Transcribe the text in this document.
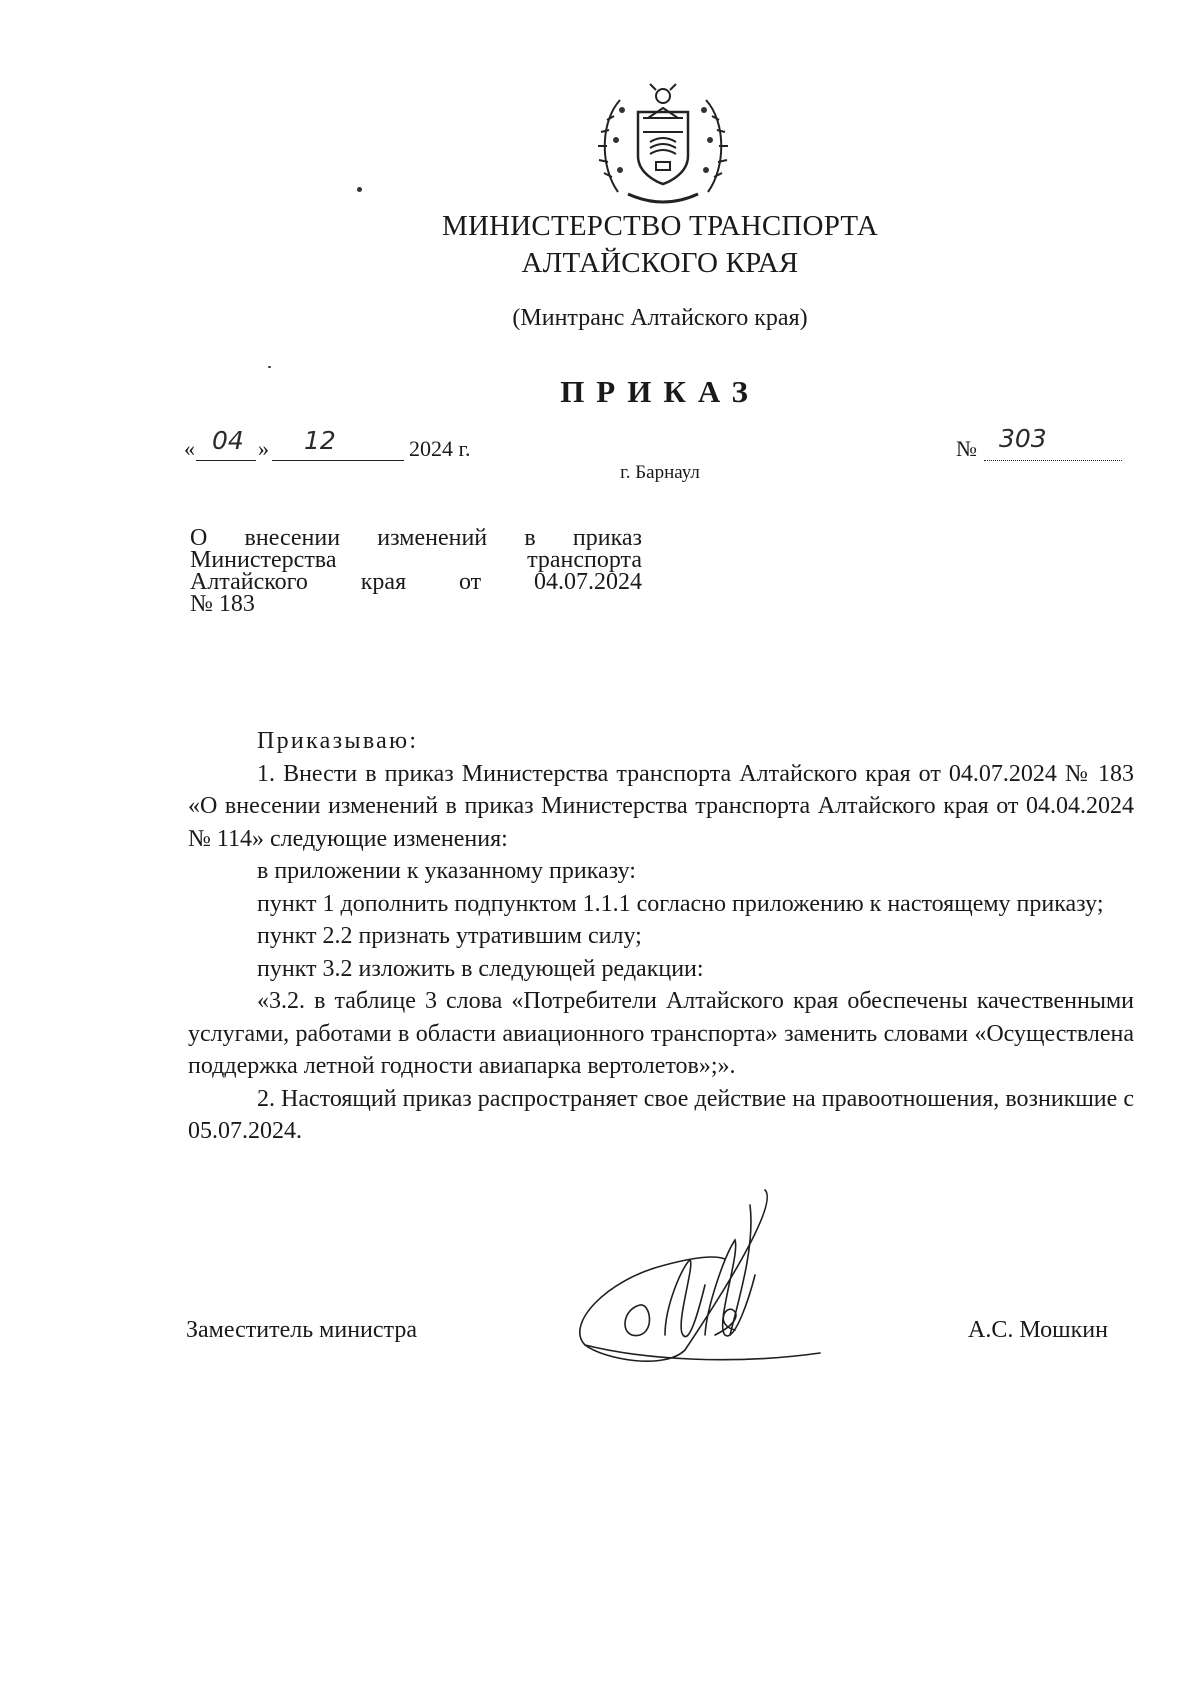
МИНИСТЕРСТВО ТРАНСПОРТА
АЛТАЙСКОГО КРАЯ
(Минтранс Алтайского края)
ПРИКАЗ
« 04 » 12	2024 г.	№ 303
г. Барнаул
О внесении изменений в приказ
Министерства транспорта
Алтайского края от 04.07.2024
№ 183
Приказываю:
1. Внести в приказ Министерства транспорта Алтайского края от 04.07.2024 № 183 «О внесении изменений в приказ Министерства транспорта Алтайского края от 04.04.2024 № 114» следующие изменения:
в приложении к указанному приказу:
пункт 1 дополнить подпунктом 1.1.1 согласно приложению к настоящему приказу;
пункт 2.2 признать утратившим силу;
пункт 3.2 изложить в следующей редакции:
«3.2. в таблице 3 слова «Потребители Алтайского края обеспечены качественными услугами, работами в области авиационного транспорта» заменить словами «Осуществлена поддержка летной годности авиапарка вертолетов»;».
2. Настоящий приказ распространяет свое действие на правоотношения, возникшие с 05.07.2024.
Заместитель министра	А.С. Мошкин
